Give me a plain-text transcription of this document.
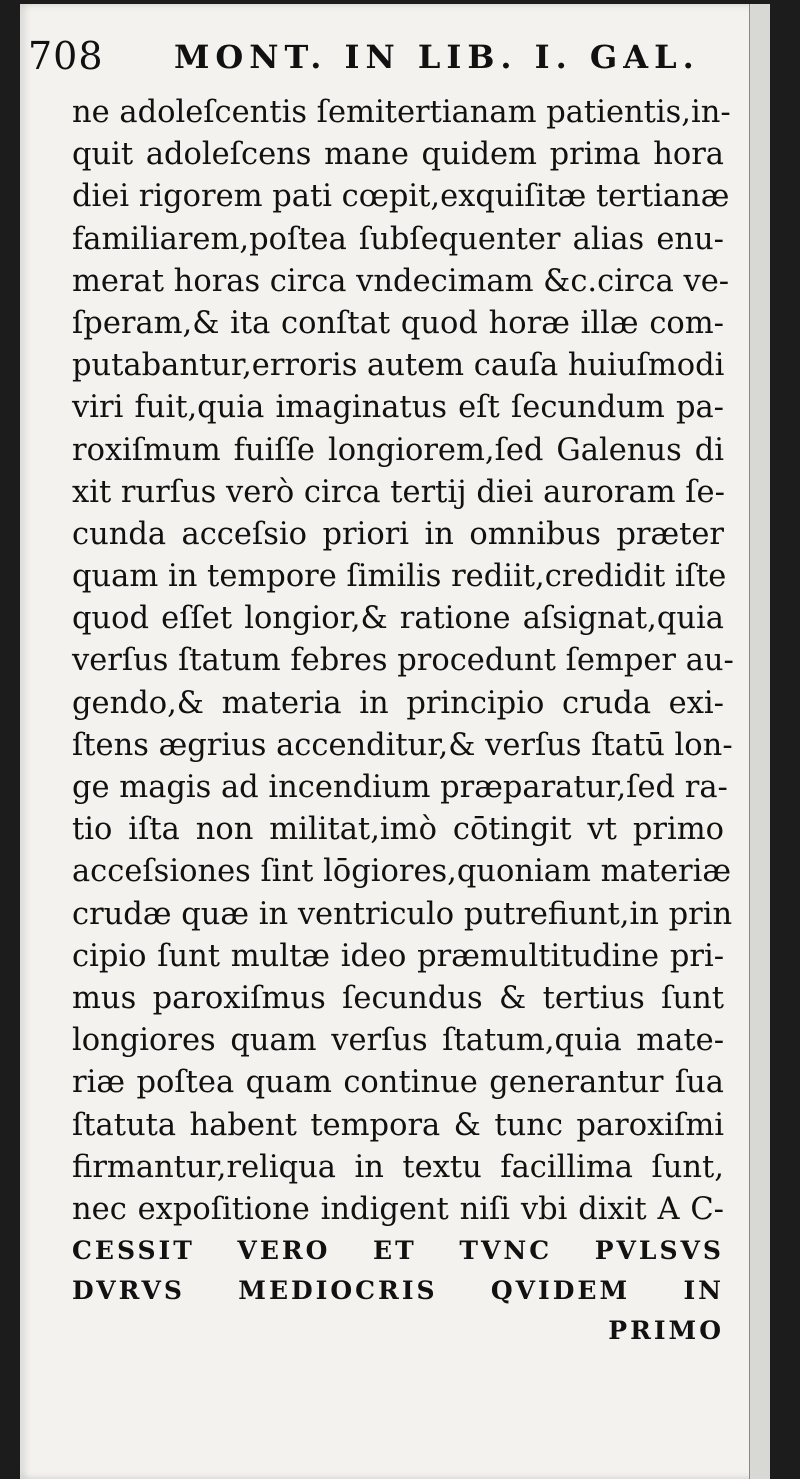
708 MONT. IN LIB. I. GAL.
ne adoleſcentis ſemitertianam patientis,in-
quit adoleſcens mane quidem prima hora
diei rigorem pati cœpit,exquiſitæ tertianæ
familiarem,poſtea ſubſequenter alias enu-
merat horas circa vndecimam &c.circa ve-
ſperam,& ita conſtat quod horæ illæ com-
putabantur,erroris autem cauſa huiuſmodi
viri fuit,quia imaginatus eſt ſecundum pa-
roxiſmum fuiſſe longiorem,ſed Galenus di
xit rurſus verò circa tertij diei auroram ſe-
cunda acceſsio priori in omnibus præter
quam in tempore ſimilis rediit,credidit iſte
quod eſſet longior,& ratione aſsignat,quia
verſus ſtatum febres procedunt ſemper au-
gendo,& materia in principio cruda exi-
ſtens ægrius accenditur,& verſus ſtatū lon-
ge magis ad incendium præparatur,ſed ra-
tio iſta non militat,imò cōtingit vt primo
acceſsiones ſint lōgiores,quoniam materiæ
crudæ quæ in ventriculo putrefiunt,in prin
cipio ſunt multæ ideo præmultitudine pri-
mus paroxiſmus ſecundus & tertius ſunt
longiores quam verſus ſtatum,quia mate-
riæ poſtea quam continue generantur ſua
ſtatuta habent tempora & tunc paroxiſmi
firmantur,reliqua in textu facillima ſunt,
nec expoſitione indigent niſi vbi dixit A C-
CESSIT VERO ET TVNC PVLSVS
DVRVS MEDIOCRIS QVIDEM IN
PRIMO
